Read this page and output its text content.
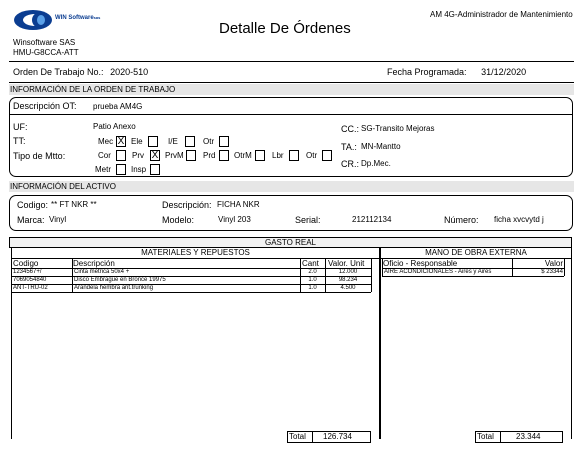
WIN Softwaresas
Winsoftware SAS
HMU-G8CCA-ATT
Detalle De Órdenes
AM 4G-Administrador de Mantenimiento
Orden De Trabajo No.: 2020-510	Fecha Programada: 31/12/2020
INFORMACIÓN DE LA ORDEN DE TRABAJO
Descripción OT: prueba AM4G
UF:	Patio Anexo
TT:	Mec X Ele	I/E	Otr
Tipo de Mtto:	Cor	Prv X PrvM Prd OtrM	Lbr	Otr
Metr	Insp
CC.: SG-Transito Mejoras
TA.: MN-Mantto
CR.: Dp.Mec.
INFORMACIÓN DEL ACTIVO
Codigo: ** FT NKR **	Descripción: FICHA NKR
Marca: Vinyl	Modelo:	Vinyl 203	Serial:	212112134	Número: ficha xvcvytd j
GASTO REAL
MATERIALES Y REPUESTOS
Codigo	Descripción	Cant Valor. Unit
1234567+/	Cinta metrica 50x4 +	2.0	12.000
7069054840	Disco Embrague en Bronce 19975	1.0	98.234
ANT-TRU-02	Arandela hembra ant.trunking	1.0	4.500
Total 126.734
MANO DE OBRA EXTERNA
Oficio - Responsable	Valor
AIRE ACONDICIONALES - Aires y Aires	$ 23344
Total	23.344
